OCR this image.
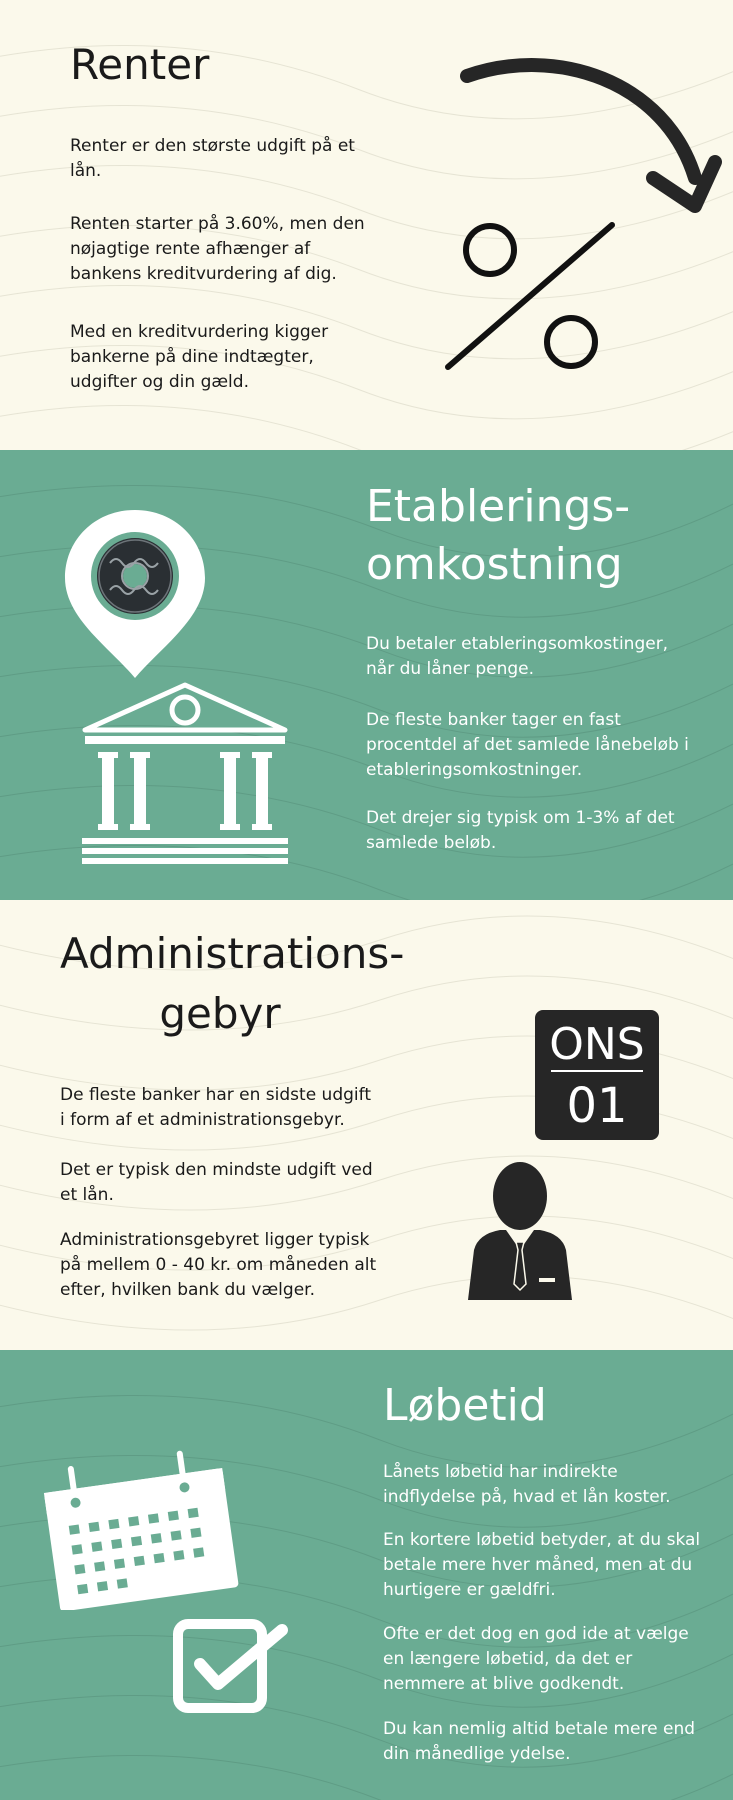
Renter

Renter er den største udgift på et lån.

Renten starter på 3.60%, men den nøjagtige rente afhænger af bankens kreditvurdering af dig.

Med en kreditvurdering kigger bankerne på dine indtægter, udgifter og din gæld.

Etablerings-
omkostning

Du betaler etableringsomkostinger, når du låner penge.

De fleste banker tager en fast procentdel af det samlede lånebeløb i etableringsomkostninger.

Det drejer sig typisk om 1-3% af det samlede beløb.

Administrations-
gebyr

De fleste banker har en sidste udgift i form af et administrationsgebyr.

Det er typisk den mindste udgift ved et lån.

Administrationsgebyret ligger typisk på mellem 0 - 40 kr. om måneden alt efter, hvilken bank du vælger.

ONS
01
Løbetid

Lånets løbetid har indirekte indflydelse på, hvad et lån koster.

En kortere løbetid betyder, at du skal betale mere hver måned, men at du hurtigere er gældfri.

Ofte er det dog en god ide at vælge en længere løbetid, da det er nemmere at blive godkendt.

Du kan nemlig altid betale mere end din månedlige ydelse.
